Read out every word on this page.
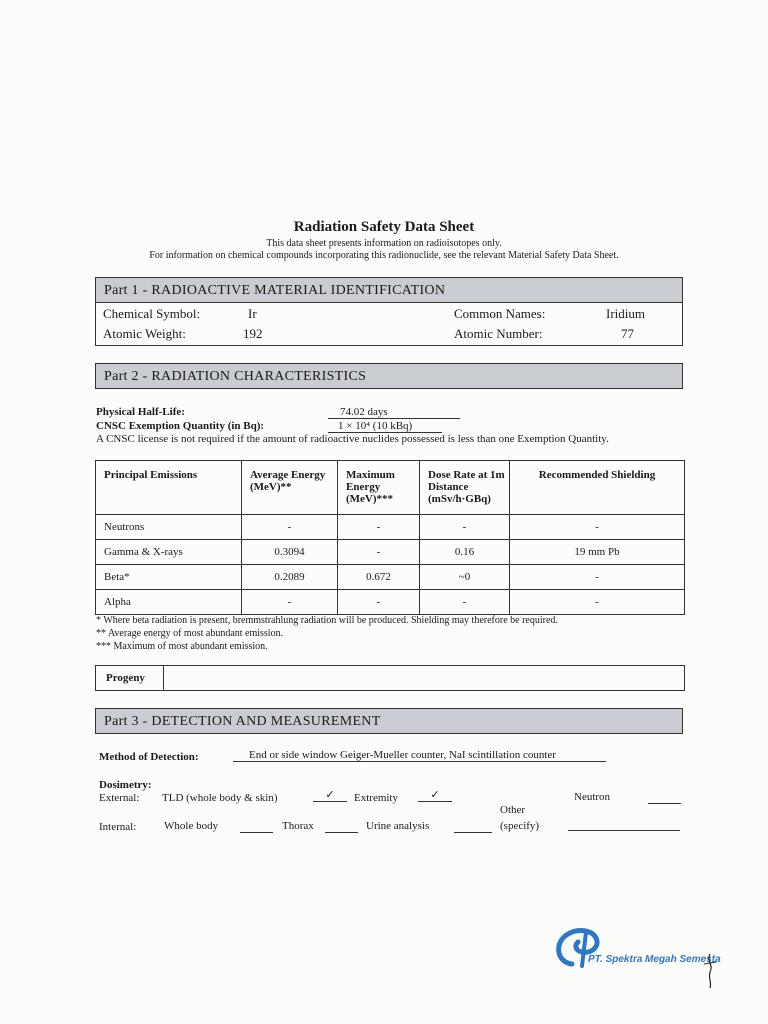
Radiation Safety Data Sheet
This data sheet presents information on radioisotopes only.
For information on chemical compounds incorporating this radionuclide, see the relevant Material Safety Data Sheet.
Part 1 - RADIOACTIVE MATERIAL IDENTIFICATION
Chemical Symbol:	Ir	Common Names:	Iridium
Atomic Weight:	192	Atomic Number:	77
Part 2 - RADIATION CHARACTERISTICS
Physical Half-Life:	74.02 days
CNSC Exemption Quantity (in Bq):	1 × 10⁴ (10 kBq)
A CNSC license is not required if the amount of radioactive nuclides possessed is less than one Exemption Quantity.
Principal Emissions	Average Energy (MeV)**	Maximum Energy (MeV)***	Dose Rate at 1m Distance (mSv/h·GBq)	Recommended Shielding
Neutrons	-	-	-	-
Gamma & X-rays	0.3094	-	0.16	19 mm Pb
Beta*	0.2089	0.672	~0	-
Alpha	-	-	-	-
* Where beta radiation is present, bremmstrahlung radiation will be produced. Shielding may therefore be required.
** Average energy of most abundant emission.
*** Maximum of most abundant emission.
Progeny
Part 3 - DETECTION AND MEASUREMENT
Method of Detection:	End or side window Geiger-Mueller counter, NaI scintillation counter
Dosimetry:
External: TLD (whole body & skin)	✓	Extremity	✓	Neutron
Other
Internal:	Whole body	Thorax	Urine analysis	(specify)
PT. Spektra Megah Semesta
